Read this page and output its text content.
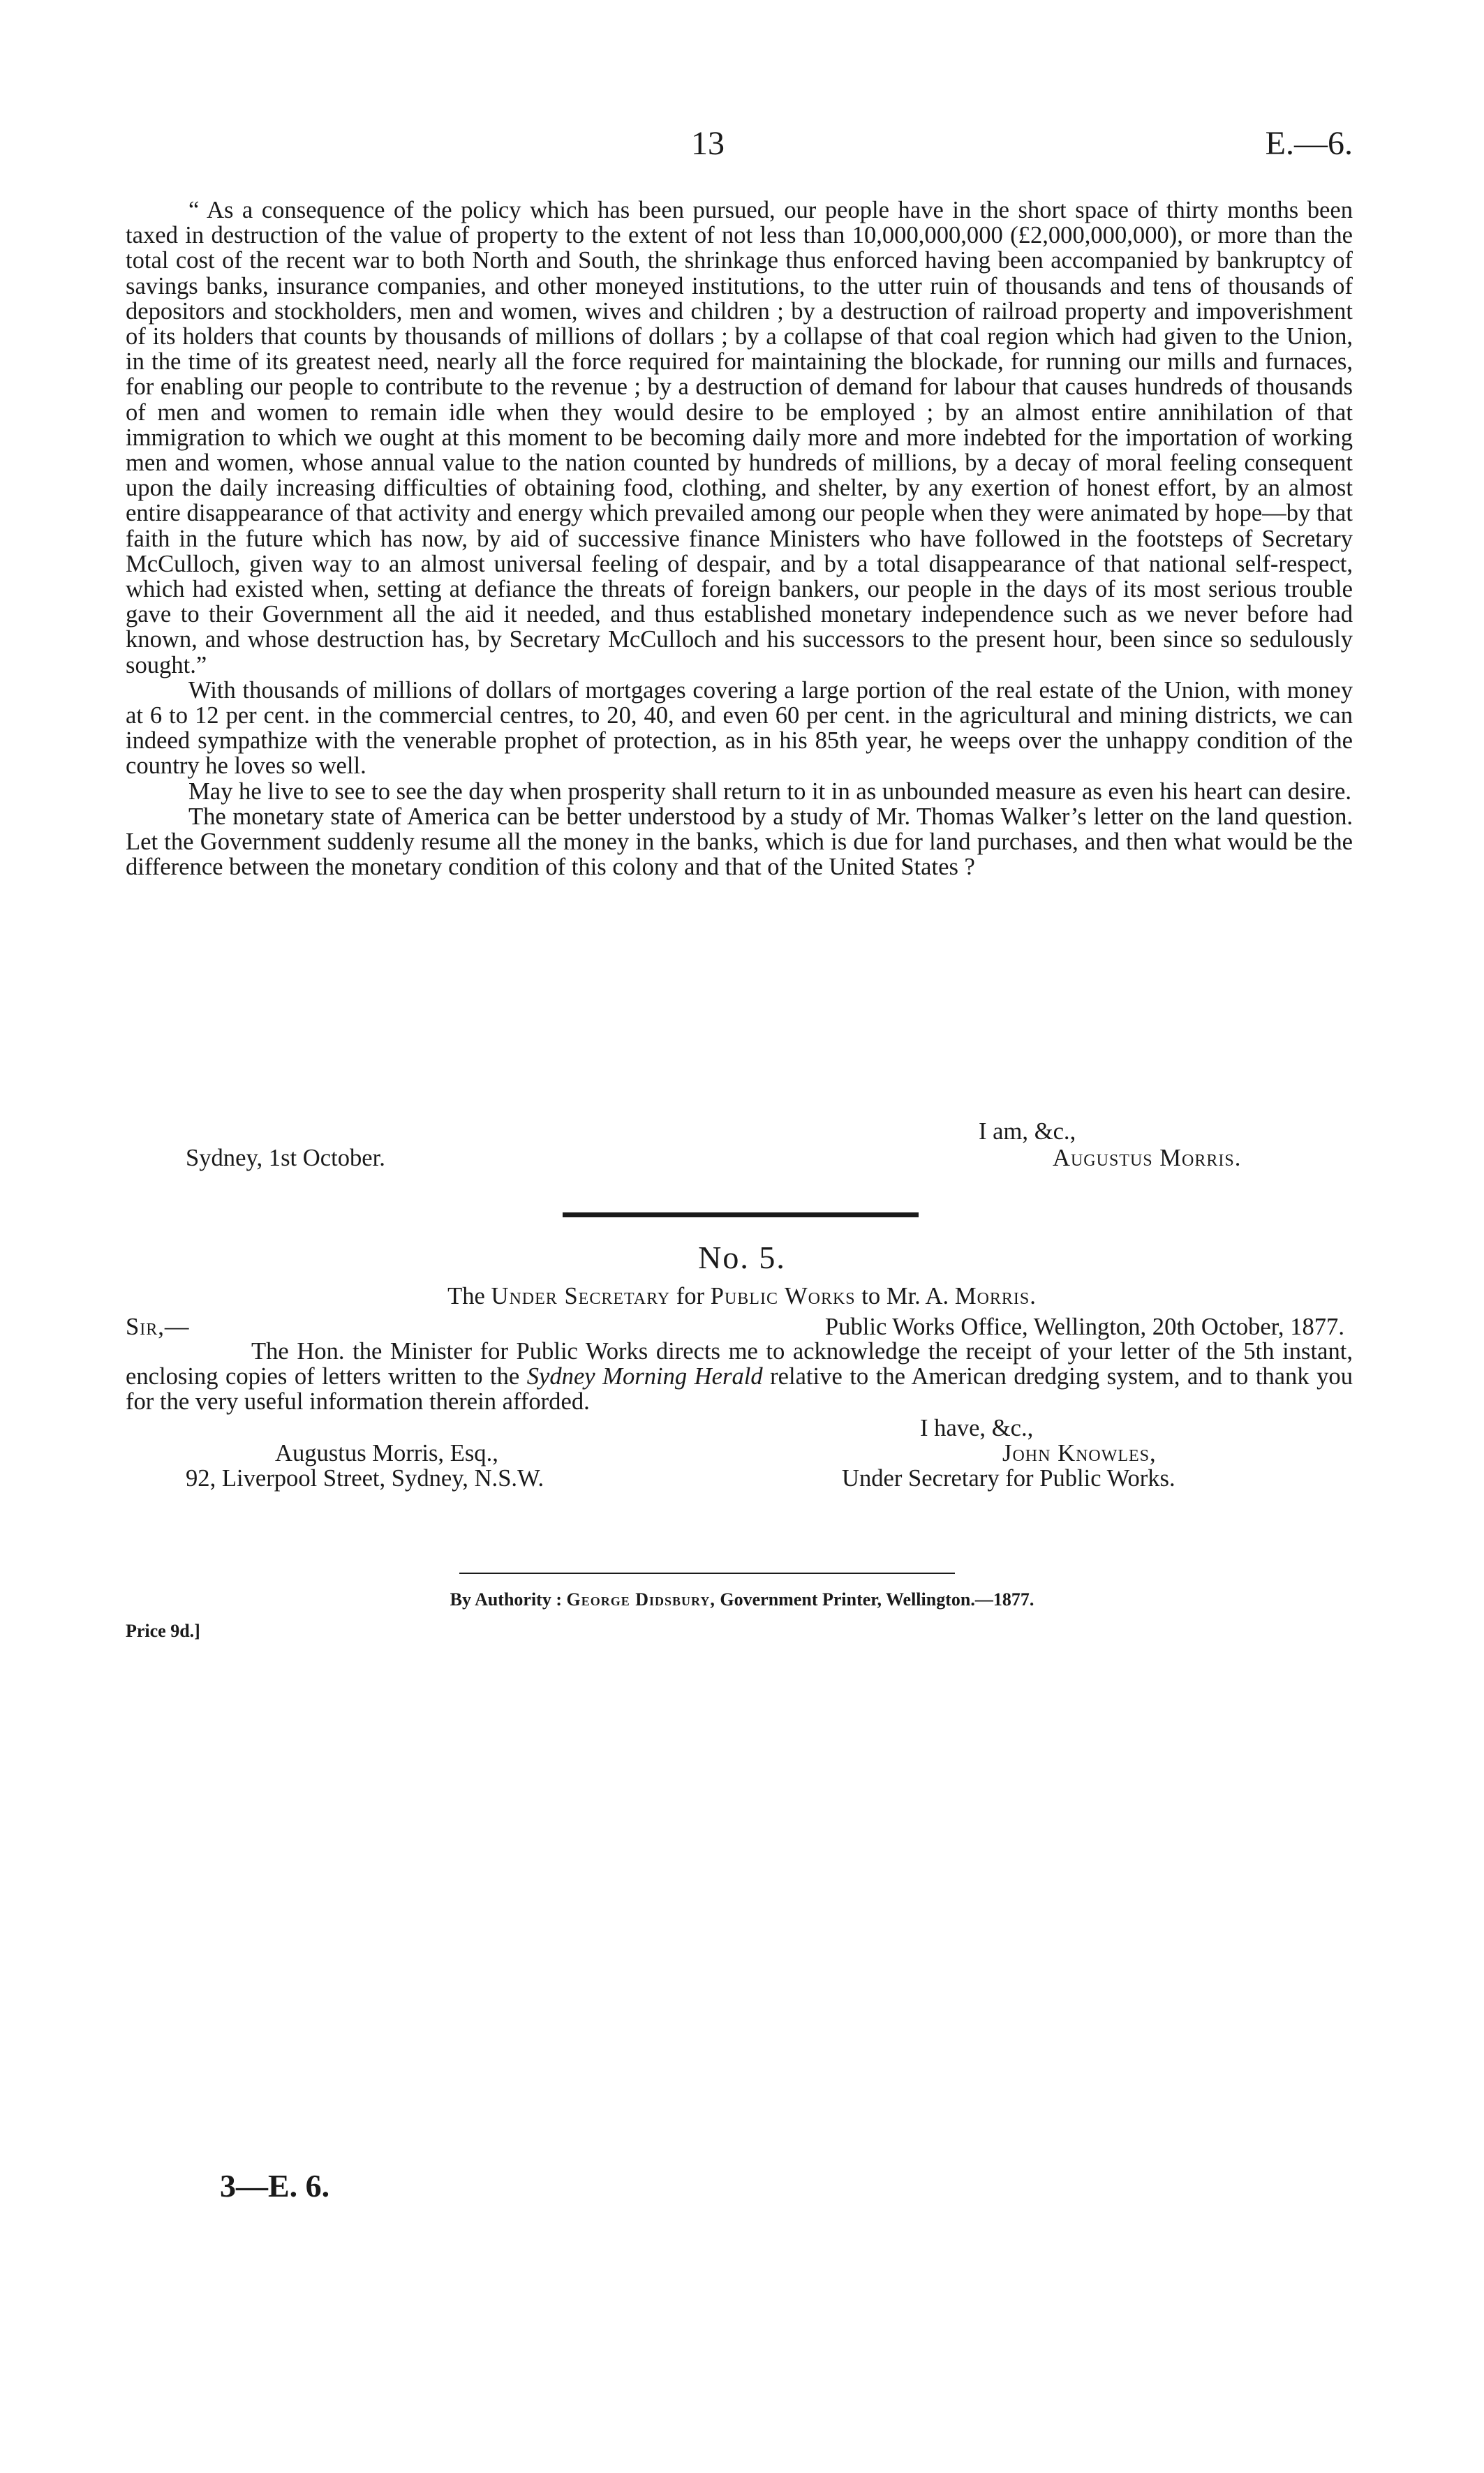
13	E.—6.

“ As a consequence of the policy which has been pursued, our people have in the short space of thirty months been taxed in destruction of the value of property to the extent of not less than 10,000,000,000 (£2,000,000,000), or more than the total cost of the recent war to both North and South, the shrinkage thus enforced having been accompanied by bankruptcy of savings banks, insurance companies, and other moneyed institutions, to the utter ruin of thousands and tens of thousands of depositors and stockholders, men and women, wives and children ; by a destruction of railroad property and impoverishment of its holders that counts by thousands of millions of dollars ; by a collapse of that coal region which had given to the Union, in the time of its greatest need, nearly all the force required for maintaining the blockade, for running our mills and furnaces, for enabling our people to contribute to the revenue ; by a destruction of demand for labour that causes hundreds of thousands of men and women to remain idle when they would desire to be employed ; by an almost entire annihilation of that immigration to which we ought at this moment to be becoming daily more and more indebted for the importation of working men and women, whose annual value to the nation counted by hundreds of millions, by a decay of moral feeling consequent upon the daily increasing difficulties of obtaining food, clothing, and shelter, by any exertion of honest effort, by an almost entire disappearance of that activity and energy which prevailed among our people when they were animated by hope—by that faith in the future which has now, by aid of successive finance Ministers who have followed in the footsteps of Secretary McCulloch, given way to an almost universal feeling of despair, and by a total disappearance of that national self-respect, which had existed when, setting at defiance the threats of foreign bankers, our people in the days of its most serious trouble gave to their Government all the aid it needed, and thus established monetary independence such as we never before had known, and whose destruction has, by Secretary McCulloch and his successors to the present hour, been since so sedulously sought.”

With thousands of millions of dollars of mortgages covering a large portion of the real estate of the Union, with money at 6 to 12 per cent. in the commercial centres, to 20, 40, and even 60 per cent. in the agricultural and mining districts, we can indeed sympathize with the venerable prophet of protection, as in his 85th year, he weeps over the unhappy condition of the country he loves so well.

May he live to see to see the day when prosperity shall return to it in as unbounded measure as even his heart can desire.

The monetary state of America can be better understood by a study of Mr. Thomas Walker’s letter on the land question. Let the Government suddenly resume all the money in the banks, which is due for land purchases, and then what would be the difference between the monetary condition of this colony and that of the United States ?

I am, &c.,
Sydney, 1st October.	Augustus Morris.
No. 5.
The Under Secretary for Public Works to Mr. A. Morris.
Sir,—	Public Works Office, Wellington, 20th October, 1877.

The Hon. the Minister for Public Works directs me to acknowledge the receipt of your letter of the 5th instant, enclosing copies of letters written to the Sydney Morning Herald relative to the American dredging system, and to thank you for the very useful information therein afforded.

I have, &c.,
Augustus Morris, Esq.,	John Knowles,
92, Liverpool Street, Sydney, N.S.W.	Under Secretary for Public Works.
By Authority : George Didsbury, Government Printer, Wellington.—1877.
Price 9d.]
3—E. 6.
